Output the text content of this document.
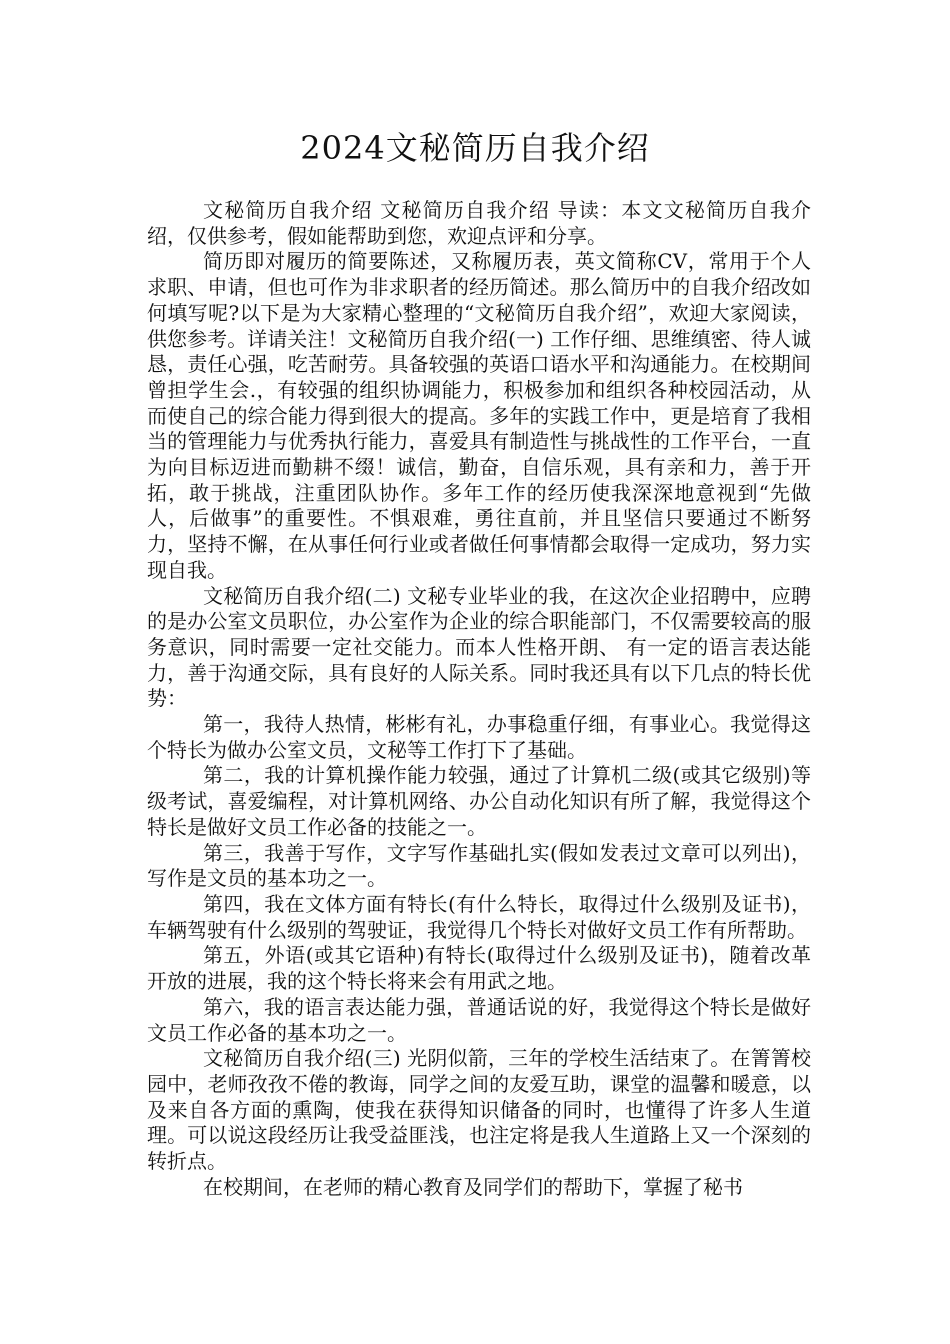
2024文秘简历自我介绍

文秘简历自我介绍 文秘简历自我介绍 导读：本文文秘简历自我介绍，仅供参考，假如能帮助到您，欢迎点评和分享。

简历即对履历的简要陈述，又称履历表，英文简称CV，常用于个人求职、申请，但也可作为非求职者的经历简述。那么简历中的自我介绍改如何填写呢?以下是为大家精心整理的“文秘简历自我介绍”，欢迎大家阅读，供您参考。详请关注！文秘简历自我介绍(一) 工作仔细、思维缜密、待人诚恳，责任心强，吃苦耐劳。具备较强的英语口语水平和沟通能力。在校期间曾担学生会.，有较强的组织协调能力，积极参加和组织各种校园活动，从而使自己的综合能力得到很大的提高。多年的实践工作中，更是培育了我相当的管理能力与优秀执行能力，喜爱具有制造性与挑战性的工作平台，一直为向目标迈进而勤耕不缀！诚信，勤奋，自信乐观，具有亲和力，善于开拓，敢于挑战，注重团队协作。多年工作的经历使我深深地意视到“先做人，后做事”的重要性。不惧艰难，勇往直前，并且坚信只要通过不断努力，坚持不懈，在从事任何行业或者做任何事情都会取得一定成功，努力实现自我。

文秘简历自我介绍(二) 文秘专业毕业的我，在这次企业招聘中，应聘的是办公室文员职位，办公室作为企业的综合职能部门，不仅需要较高的服务意识，同时需要一定社交能力。而本人性格开朗、 有一定的语言表达能力，善于沟通交际，具有良好的人际关系。同时我还具有以下几点的特长优势：

第一，我待人热情，彬彬有礼，办事稳重仔细，有事业心。我觉得这个特长为做办公室文员，文秘等工作打下了基础。

第二，我的计算机操作能力较强，通过了计算机二级(或其它级别)等级考试，喜爱编程，对计算机网络、办公自动化知识有所了解，我觉得这个特长是做好文员工作必备的技能之一。

第三，我善于写作，文字写作基础扎实(假如发表过文章可以列出)，写作是文员的基本功之一。

第四，我在文体方面有特长(有什么特长，取得过什么级别及证书)，车辆驾驶有什么级别的驾驶证，我觉得几个特长对做好文员工作有所帮助。

第五，外语(或其它语种)有特长(取得过什么级别及证书)，随着改革开放的进展，我的这个特长将来会有用武之地。

第六，我的语言表达能力强，普通话说的好，我觉得这个特长是做好文员工作必备的基本功之一。

文秘简历自我介绍(三) 光阴似箭，三年的学校生活结束了。在箐箐校园中，老师孜孜不倦的教诲，同学之间的友爱互助，课堂的温馨和暖意，以及来自各方面的熏陶，使我在获得知识储备的同时，也懂得了许多人生道理。可以说这段经历让我受益匪浅，也注定将是我人生道路上又一个深刻的转折点。

在校期间，在老师的精心教育及同学们的帮助下，掌握了秘书
